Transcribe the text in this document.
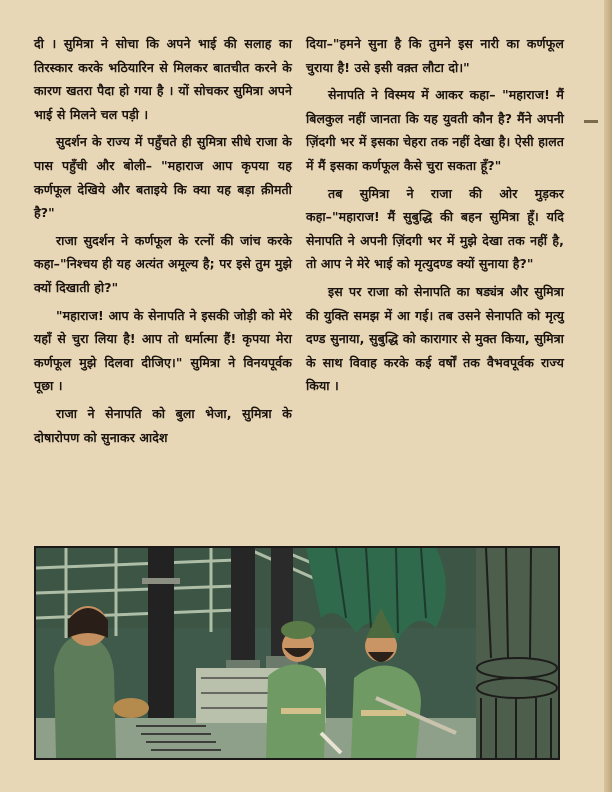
दी । सुमित्रा ने सोचा कि अपने भाई की सलाह का तिरस्कार करके भठियारिन से मिलकर बातचीत करने के कारण खतरा पैदा हो गया है । यों सोचकर सुमित्रा अपने भाई से मिलने चल पड़ी ।

सुदर्शन के राज्य में पहुँचते ही सुमित्रा सीधे राजा के पास पहुँची और बोली– "महाराज आप कृपया यह कर्णफूल देखिये और बताइये कि क्या यह बड़ा क़ीमती है?"

राजा सुदर्शन ने कर्णफूल के रत्नों की जांच करके कहा–"निश्चय ही यह अत्यंत अमूल्य है; पर इसे तुम मुझे क्यों दिखाती हो?"

"महाराज! आप के सेनापति ने इसकी जोड़ी को मेरे यहाँ से चुरा लिया है! आप तो धर्मात्मा हैं! कृपया मेरा कर्णफूल मुझे दिलवा दीजिए।" सुमित्रा ने विनयपूर्वक पूछा ।

राजा ने सेनापति को बुला भेजा, सुमित्रा के दोषारोपण को सुनाकर आदेश

दिया–"हमने सुना है कि तुमने इस नारी का कर्णफूल चुराया है! उसे इसी वक़्त लौटा दो।"

सेनापति ने विस्मय में आकर कहा– "महाराज! मैं बिलकुल नहीं जानता कि यह युवती कौन है? मैंने अपनी ज़िंदगी भर में इसका चेहरा तक नहीं देखा है। ऐसी हालत में मैं इसका कर्णफूल कैसे चुरा सकता हूँ?"

तब सुमित्रा ने राजा की ओर मुड़कर कहा–"महाराज! मैं सुबुद्धि की बहन सुमित्रा हूँ। यदि सेनापति ने अपनी ज़िंदगी भर में मुझे देखा तक नहीं है, तो आप ने मेरे भाई को मृत्युदण्ड क्यों सुनाया है?"

इस पर राजा को सेनापति का षड्यंत्र और सुमित्रा की युक्ति समझ में आ गई। तब उसने सेनापति को मृत्यु दण्ड सुनाया, सुबुद्धि को कारागार से मुक्त किया, सुमित्रा के साथ विवाह करके कई वर्षों तक वैभवपूर्वक राज्य किया ।
